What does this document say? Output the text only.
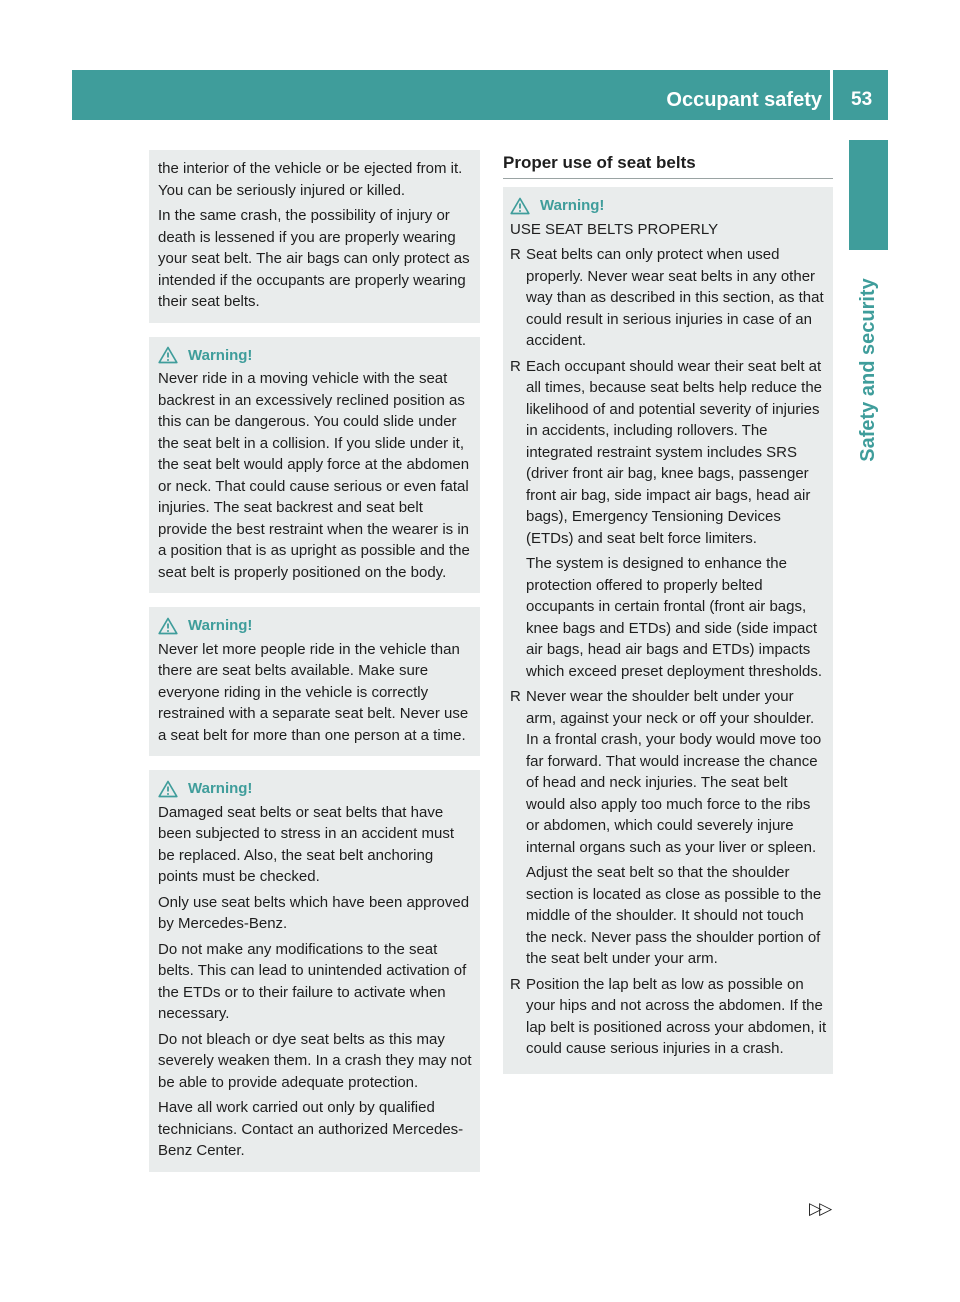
Occupant safety 53
Safety and security

the interior of the vehicle or be ejected from it. You can be seriously injured or killed.

In the same crash, the possibility of injury or death is lessened if you are properly wearing your seat belt. The air bags can only protect as intended if the occupants are properly wearing their seat belts.

Warning!

Never ride in a moving vehicle with the seat backrest in an excessively reclined position as this can be dangerous. You could slide under the seat belt in a collision. If you slide under it, the seat belt would apply force at the abdomen or neck. That could cause serious or even fatal injuries. The seat backrest and seat belt provide the best restraint when the wearer is in a position that is as upright as possible and the seat belt is properly positioned on the body.

Warning!

Never let more people ride in the vehicle than there are seat belts available. Make sure everyone riding in the vehicle is correctly restrained with a separate seat belt. Never use a seat belt for more than one person at a time.

Warning!

Damaged seat belts or seat belts that have been subjected to stress in an accident must be replaced. Also, the seat belt anchoring points must be checked.

Only use seat belts which have been approved by Mercedes-Benz.

Do not make any modifications to the seat belts. This can lead to unintended activation of the ETDs or to their failure to activate when necessary.

Do not bleach or dye seat belts as this may severely weaken them. In a crash they may not be able to provide adequate protection.

Have all work carried out only by qualified technicians. Contact an authorized Mercedes-Benz Center.

Proper use of seat belts
Warning!

USE SEAT BELTS PROPERLY

R Seat belts can only protect when used properly. Never wear seat belts in any other way than as described in this section, as that could result in serious injuries in case of an accident.

R Each occupant should wear their seat belt at all times, because seat belts help reduce the likelihood of and potential severity of injuries in accidents, including rollovers. The integrated restraint system includes SRS (driver front air bag, knee bags, passenger front air bag, side impact air bags, head air bags), Emergency Tensioning Devices (ETDs) and seat belt force limiters.

The system is designed to enhance the protection offered to properly belted occupants in certain frontal (front air bags, knee bags and ETDs) and side (side impact air bags, head air bags and ETDs) impacts which exceed preset deployment thresholds.

R Never wear the shoulder belt under your arm, against your neck or off your shoulder. In a frontal crash, your body would move too far forward. That would increase the chance of head and neck injuries. The seat belt would also apply too much force to the ribs or abdomen, which could severely injure internal organs such as your liver or spleen.

Adjust the seat belt so that the shoulder section is located as close as possible to the middle of the shoulder. It should not touch the neck. Never pass the shoulder portion of the seat belt under your arm.

R Position the lap belt as low as possible on your hips and not across the abdomen. If the lap belt is positioned across your abdomen, it could cause serious injuries in a crash.

▷▷
